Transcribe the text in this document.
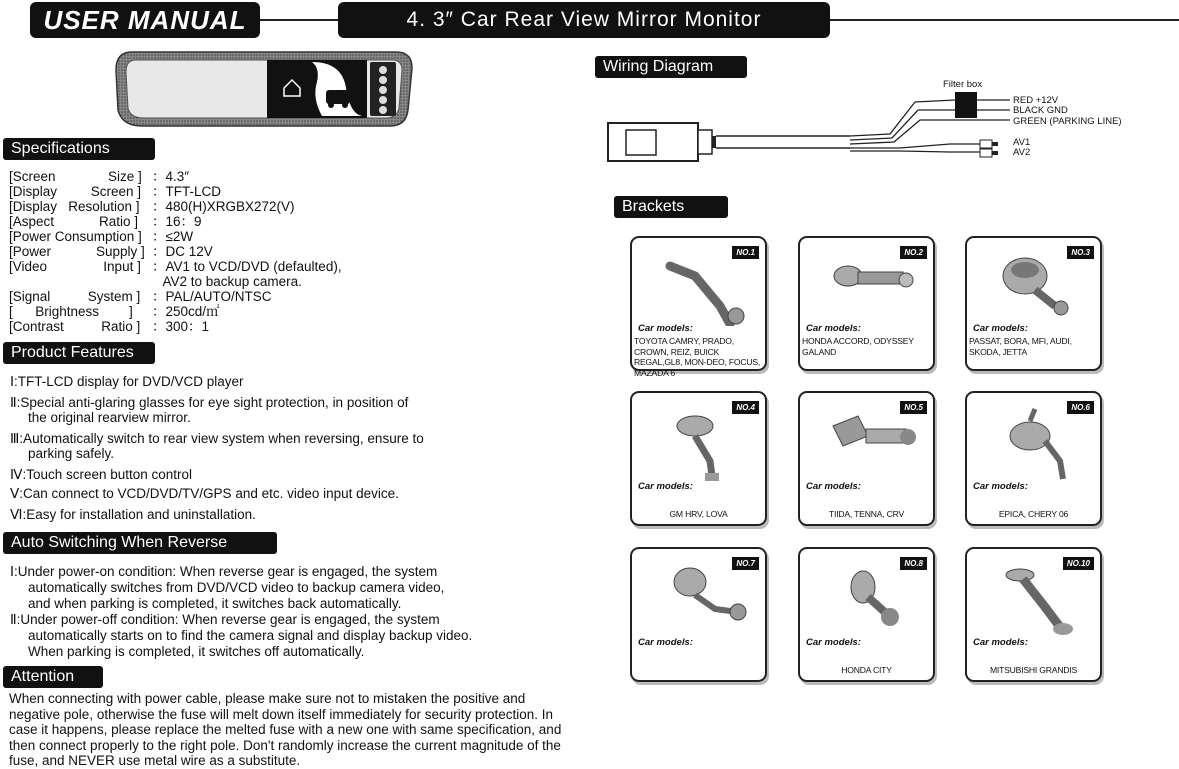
USER MANUAL	4. 3″ Car Rear View Mirror Monitor
Specifications
[Screen              Size ] ：4.3″
[Display         Screen ] ：TFT-LCD
[Display   Resolution ] ：480(H)XRGBX272(V)
[Aspect            Ratio ] ：16：9
[Power Consumption ] ：≤2W
[Power            Supply ] ：DC 12V
[Video               Input ] ：AV1 to VCD/DVD (defaulted),
AV2 to backup camera.
[Signal          System ] ：PAL/AUTO/NTSC
[      Brightness        ] ：250cd/㎡
[Contrast          Ratio ] ：300：1
Product Features
Ⅰ:TFT-LCD display for DVD/VCD player
Ⅱ:Special anti-glaring glasses for eye sight protection, in position of
the original rearview mirror.
Ⅲ:Automatically switch to rear view system when reversing, ensure to
parking safely.
Ⅳ:Touch screen button control
Ⅴ:Can connect to VCD/DVD/TV/GPS and etc. video input device.
Ⅵ:Easy for installation and uninstallation.
Auto Switching When Reverse
Ⅰ:Under power-on condition: When reverse gear is engaged, the system
automatically switches from DVD/VCD video to backup camera video,
and when parking is completed, it switches back automatically.
Ⅱ:Under power-off condition: When reverse gear is engaged, the system
automatically starts on to find the camera signal and display backup video.
When parking is completed, it switches off automatically.
Attention
When connecting with power cable, please make sure not to mistaken the positive and negative pole, otherwise the fuse will melt down itself immediately for security protection. In case it happens, please replace the melted fuse with a new one with same specification, and then connect properly to the right pole. Don't randomly increase the current magnitude of the fuse, and NEVER use metal wire as a substitute.
Wiring Diagram
Filter box
RED +12V
BLACK GND
GREEN (PARKING LINE)
AV1
AV2
Brackets
NO.1
Car models:
TOYOTA CAMRY, PRADO, CROWN, REIZ, BUICK REGAL,GL8, MON-DEO, FOCUS, MAZADA 6
NO.2
Car models:
HONDA ACCORD, ODYSSEY GALAND
NO.3
Car models:
PASSAT, BORA, MFI, AUDI, SKODA, JETTA
NO.4
Car models:
GM HRV, LOVA
NO.5
Car models:
TIIDA, TENNA, CRV
NO.6
Car models:
EPICA, CHERY 06
NO.7
Car models:
NO.8
Car models:
HONDA CITY
NO.10
Car models:
MITSUBISHI GRANDIS
